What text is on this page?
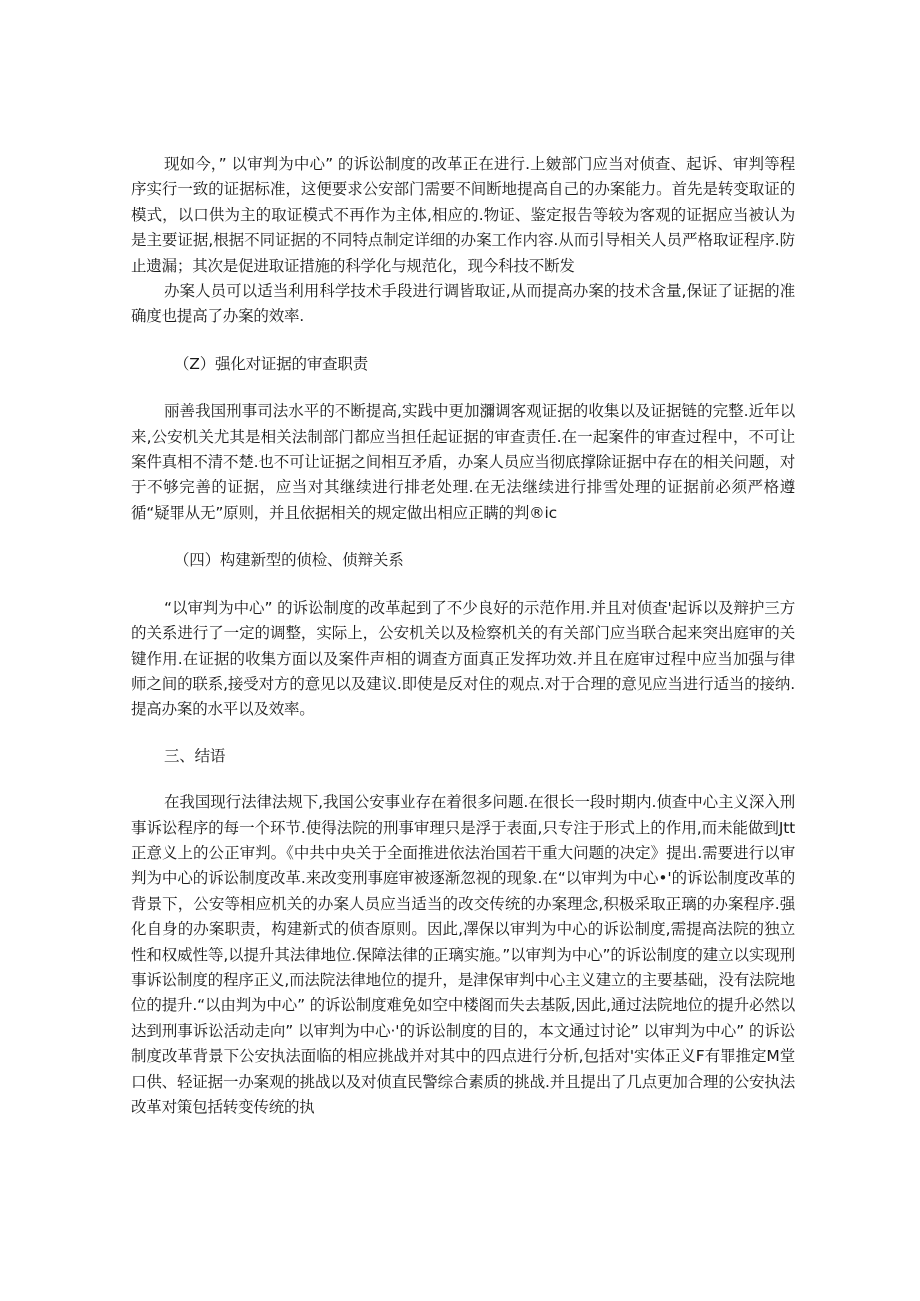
现如今，” 以审判为中心” 的诉讼制度的改革正在进行.上皴部门应当对侦查、起诉、审判等程序实行一致的证据标准，这便要求公安部门需要不间断地提高自己的办案能力。首先是转变取证的模式，以口供为主的取证模式不再作为主体,相应的.物证、鉴定报告等较为客观的证据应当被认为是主要证据,根据不同证据的不同特点制定详细的办案工作内容.从而引导相关人员严格取证程序.防止遗漏；其次是促进取证措施的科学化与规范化，现今科技不断发

办案人员可以适当利用科学技术手段进行调皆取证,从而提高办案的技术含量,保证了证据的准确度也提高了办案的效率.

（Z）强化对证据的审查职责

丽善我国刑事司法水平的不断提高,实践中更加瀰调客观证据的收集以及证据链的完整.近年以来,公安机关尤其是相关法制部门都应当担任起证据的审查责任.在一起案件的审查过程中，不可让案件真相不清不楚.也不可让证据之间相互矛盾，办案人员应当彻底撑除证据中存在的相关问题，对于不够完善的证据，应当对其继续进行排老处理.在无法继续进行排雪处理的证据前必须严格遵循“疑罪从无”原则，并且依据相关的规定做出相应正瞒的判®ic

（四）构建新型的侦检、侦辩关系

“以审判为中心” 的诉讼制度的改革起到了不少良好的示范作用.并且对侦查'起诉以及辩护三方的关系进行了一定的调整，实际上，公安机关以及检察机关的有关部门应当联合起来突出庭审的关键作用.在证据的收集方面以及案件声相的调查方面真正发挥功效.并且在庭审过程中应当加强与律师之间的联系,接受对方的意见以及建议.即使是反对住的观点.对于合理的意见应当进行适当的接纳.提高办案的水平以及效率。

三、结语

在我国现行法律法规下,我国公安事业存在着很多问题.在很长一段时期内.侦查中心主义深入刑事诉讼程序的每一个环节.使得法院的刑事审理只是浮于表面,只专注于形式上的作用,而未能做到Jtt正意义上的公正审判。《中共中央关于全面推进依法治国若干重大问题的决定》提出.需要进行以审判为中心的诉讼制度改革.来改变刑事庭审被逐渐忽视的现象.在“以审判为中心•'的诉讼制度改革的背景下，公安等相应机关的办案人员应当适当的改交传统的办案理念,积极采取正璃的办案程序.强化自身的办案职责，构建新式的侦杳原则。因此,凙保以审判为中心的诉讼制度,需提高法院的独立性和权威性等,以提升其法律地位.保障法律的正璃实施。”以审判为中心”的诉讼制度的建立以实现刑事诉讼制度的程序正义,而法院法律地位的提升，是津保审判中心主义建立的主要基础，没有法院地位的提升.“以由判为中心” 的诉讼制度难免如空中楼阁而失去基阪,因此,通过法院地位的提升必然以达到刑事诉讼活动走向” 以审判为中心·'的诉讼制度的目的，本文通过讨论” 以审判为中心” 的诉讼制度改革背景下公安执法面临的相应挑战并对其中的四点进行分析,包括对'实体正义F有罪推定M堂口供、轻证据一办案观的挑战以及对侦直民警综合素质的挑战.并且提出了几点更加合理的公安执法改革对策包括转变传统的执
